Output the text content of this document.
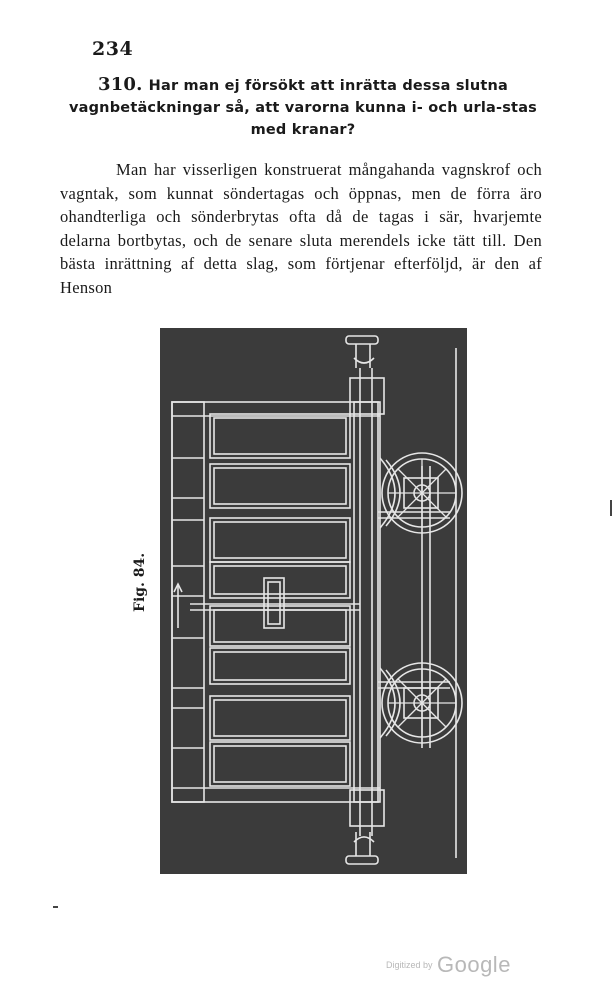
234
310. Har man ej försökt att inrätta dessa slutna vagnbetäckningar så, att varorna kunna i- och urla-stas med kranar?
Man har visserligen konstruerat mångahanda vagnskrof och vagntak, som kunnat söndertagas och öppnas, men de förra äro ohandterliga och sönderbrytas ofta då de tagas i sär, hvarjemte delarna bortbytas, och de senare sluta merendels icke tätt till. Den bästa inrättning af detta slag, som förtjenar efterföljd, är den af Henson
Fig. 84.
Digitized by Google
